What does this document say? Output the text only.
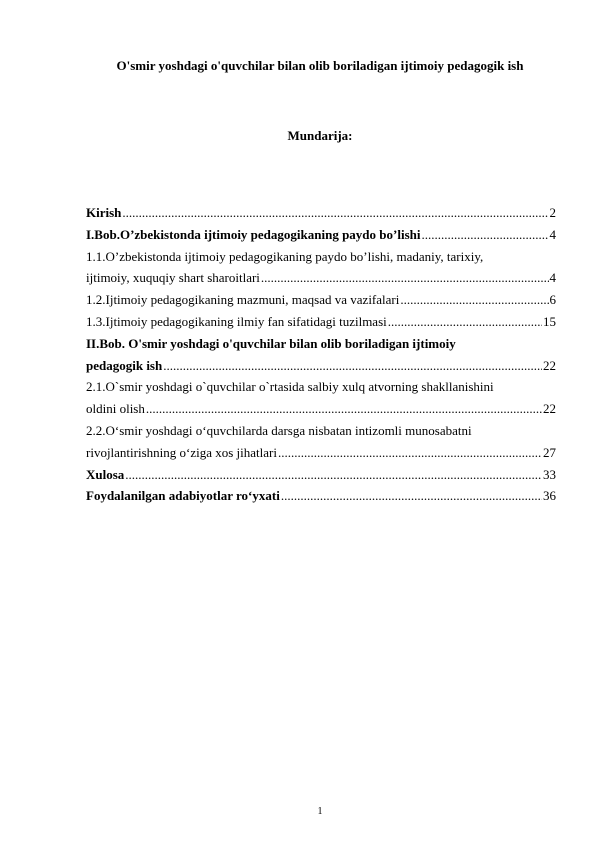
O'smir yoshdagi o'quvchilar bilan olib boriladigan ijtimoiy pedagogik ish
Mundarija:
Kirish .....	2
I.Bob.O’zbekistonda ijtimoiy pedagogikaning paydo bo’lishi .....	4
1.1.O’zbekistonda ijtimoiy pedagogikaning paydo bo’lishi, madaniy, tarixiy,
ijtimoiy, xuquqiy shart sharoitlari .....	4
1.2.Ijtimoiy pedagogikaning mazmuni, maqsad va vazifalari .....	6
1.3.Ijtimoiy pedagogikaning ilmiy fan sifatidagi tuzilmasi .....	15
II.Bob. O'smir yoshdagi o'quvchilar bilan olib boriladigan ijtimoiy
pedagogik ish .....	22
2.1.O`smir yoshdagi o`quvchilar o`rtasida salbiy xulq atvorning shakllanishini
oldini olish .....	22
2.2.O‘smir yoshdagi o‘quvchilarda darsga nisbatan intizomli munosabatni
rivojlantirishning o‘ziga xos jihatlari .....	27
Xulosa .....	33
Foydalanilgan adabiyotlar ro‘yxati .....	36
1
